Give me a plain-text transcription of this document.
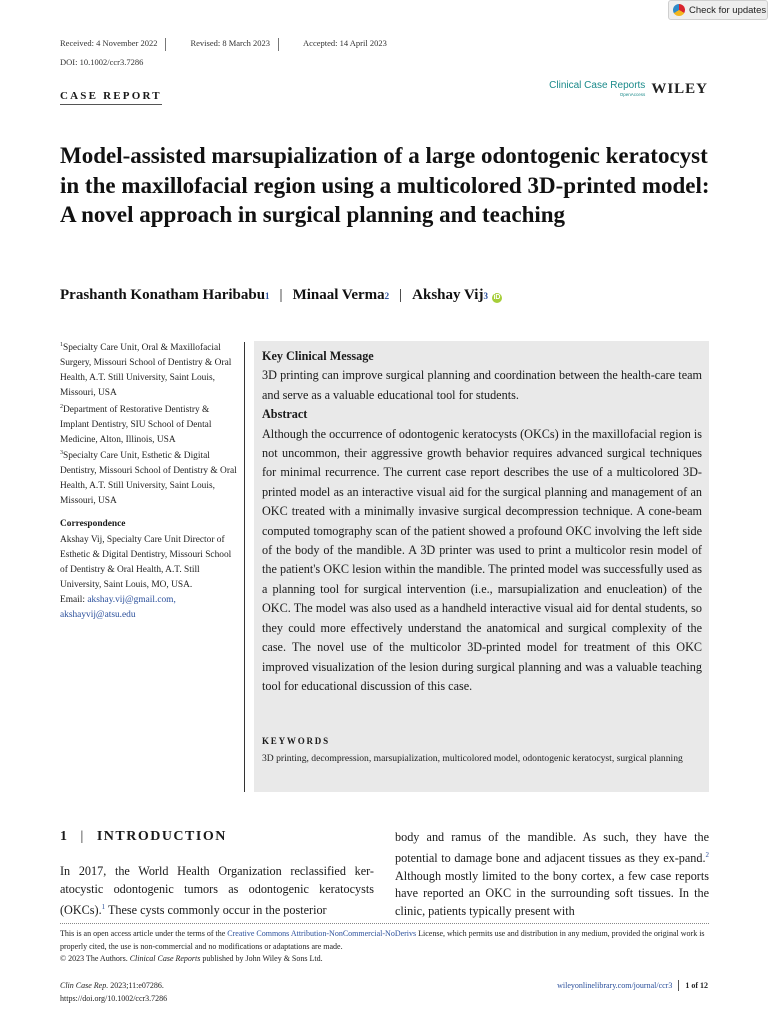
Check for updates
Received: 4 November 2022	Revised: 8 March 2023	Accepted: 14 April 2023
DOI: 10.1002/ccr3.7286
CASE REPORT
Clinical Case Reports
OpenAccess WILEY
Model-assisted marsupialization of a large odontogenic keratocyst in the maxillofacial region using a multicolored 3D-printed model: A novel approach in surgical planning and teaching
Prashanth Konatham Haribabu 1 | Minaal Verma 2 | Akshay Vij 3 iD
$^1$Specialty Care Unit, Oral & Maxillofacial Surgery, Missouri School of Dentistry & Oral Health, A.T. Still University, Saint Louis, Missouri, USA
$^2$Department of Restorative Dentistry & Implant Dentistry, SIU School of Dental Medicine, Alton, Illinois, USA
$^3$Specialty Care Unit, Esthetic & Digital Dentistry, Missouri School of Dentistry & Oral Health, A.T. Still University, Saint Louis, Missouri, USA
Correspondence
Akshay Vij, Specialty Care Unit Director of Esthetic & Digital Dentistry, Missouri School of Dentistry & Oral Health, A.T. Still University, Saint Louis, MO, USA.
Email: akshay.vij@gmail.com,
akshayvij@atsu.edu
Key Clinical Message
3D printing can improve surgical planning and coordination between the health-care team and serve as a valuable educational tool for students.
Abstract
Although the occurrence of odontogenic keratocysts (OKCs) in the maxillofacial region is not uncommon, their aggressive growth behavior requires advanced surgical techniques for minimal recurrence. The current case report describes the use of a multicolored 3D-printed model as an interactive visual aid for the surgical planning and management of an OKC treated with a minimally invasive surgical decompression technique. A cone-beam computed tomography scan of the patient showed a profound OKC involving the left side of the body of the mandible. A 3D printer was used to print a multicolor resin model of the patient's OKC lesion within the mandible. The printed model was successfully used as a planning tool for surgical intervention (i.e., marsupialization and enucleation) of the OKC. The model was also used as a handheld interactive visual aid for dental students, so they could more effectively understand the anatomical and surgical complexity of the case. The novel use of the multicolor 3D-printed model for treatment of this OKC improved visualization of the lesion during surgical planning and was a valuable teaching tool for educational discussion of this case.
KEYWORDS
3D printing, decompression, marsupialization, multicolored model, odontogenic keratocyst, surgical planning
1 | INTRODUCTION
In 2017, the World Health Organization reclassified ker-atocystic odontogenic tumors as odontogenic keratocysts (OKCs).$^1$ These cysts commonly occur in the posterior
body and ramus of the mandible. As such, they have the potential to damage bone and adjacent tissues as they ex-pand.$^2$ Although mostly limited to the bony cortex, a few case reports have reported an OKC in the surrounding soft tissues. In the clinic, patients typically present with
This is an open access article under the terms of the Creative Commons Attribution-NonCommercial-NoDerivs License, which permits use and distribution in any medium, provided the original work is properly cited, the use is non-commercial and no modifications or adaptations are made.
© 2023 The Authors. Clinical Case Reports published by John Wiley & Sons Ltd.
Clin Case Rep. 2023;11:e07286.
https://doi.org/10.1002/ccr3.7286
wileyonlinelibrary.com/journal/ccr3 1 of 12
